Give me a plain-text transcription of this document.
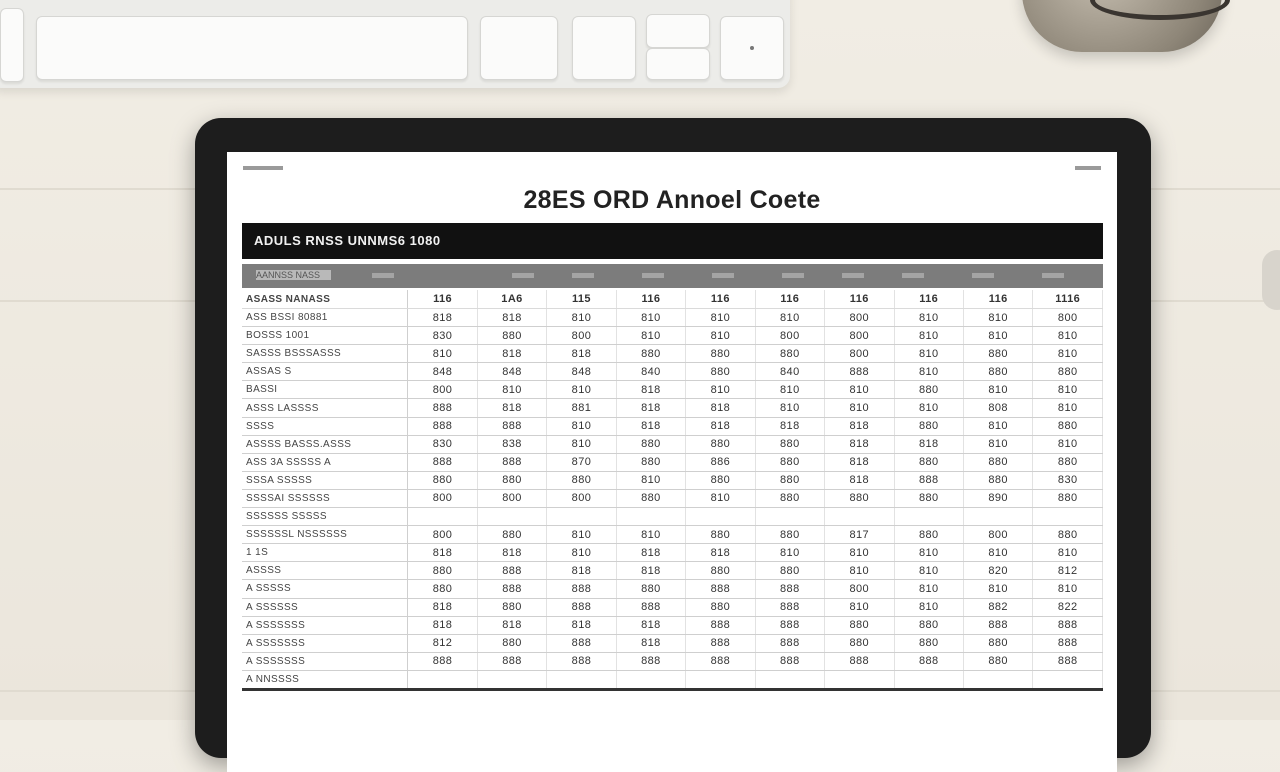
28ES ORD Annoel Coete
ADULS RNSS UNNMS6 1080
AANNSS NASS
ASASS NANASS	116	1A6	115	116	116	116	116	116	116	1116
ASS BSSI 80881	818	818	810	810	810	810	800	810	810	800
BOSSS 1001	830	880	800	810	810	800	800	810	810	810
SASSS BSSSASSS	810	818	818	880	880	880	800	810	880	810
ASSAS S	848	848	848	840	880	840	888	810	880	880
BASSI	800	810	810	818	810	810	810	880	810	810
ASSS LASSSS	888	818	881	818	818	810	810	810	808	810
SSSS	888	888	810	818	818	818	818	880	810	880
ASSSS BASSS.ASSS	830	838	810	880	880	880	818	818	810	810
ASS 3A SSSSS A	888	888	870	880	886	880	818	880	880	880
SSSA SSSSS	880	880	880	810	880	880	818	888	880	830
SSSSAI SSSSSS	800	800	800	880	810	880	880	880	890	880
SSSSSS SSSSS										
SSSSSSL NSSSSSS	800	880	810	810	880	880	817	880	800	880
1 1S	818	818	810	818	818	810	810	810	810	810
ASSSS	880	888	818	818	880	880	810	810	820	812
A SSSSS	880	888	888	880	888	888	800	810	810	810
A SSSSSS	818	880	888	888	880	888	810	810	882	822
A SSSSSSS	818	818	818	818	888	888	880	880	888	888
A SSSSSSS	812	880	888	818	888	888	880	880	880	888
A SSSSSSS	888	888	888	888	888	888	888	888	880	888
A NNSSSS										
